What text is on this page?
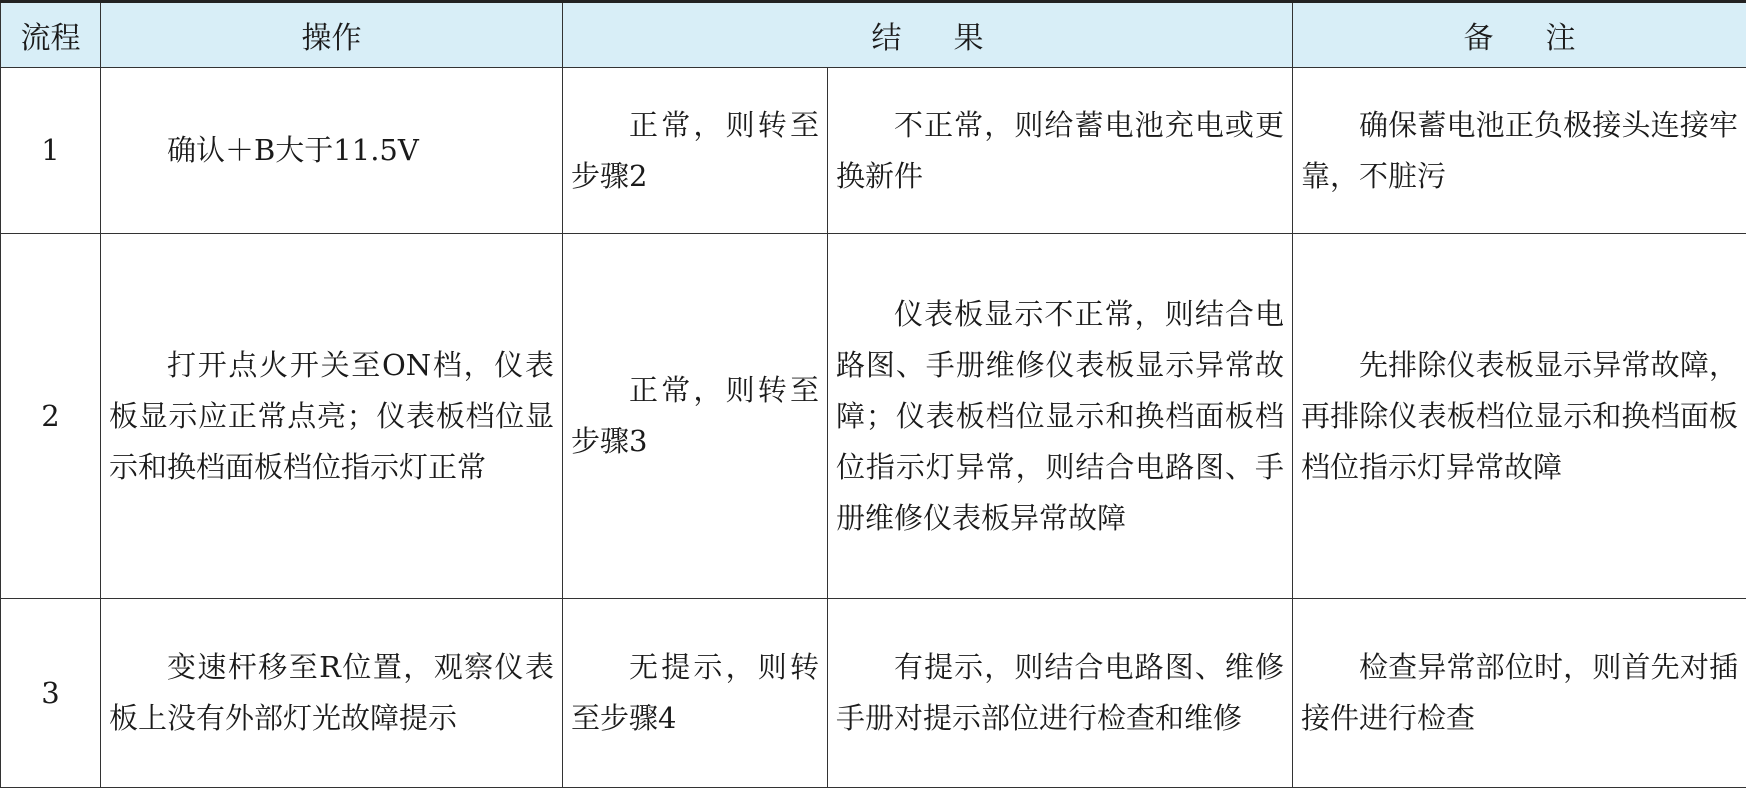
流程	操作	结果		备注
1	确认＋B大于11.5V	正常，则转至步骤2	不正常，则给蓄电池充电或更换新件	确保蓄电池正负极接头连接牢靠，不脏污

2	打开点火开关至ON档，仪表板显示应正常点亮；仪表板档位显示和换档面板档位指示灯正常	正常，则转至步骤3	仪表板显示不正常，则结合电路图、手册维修仪表板显示异常故障；仪表板档位显示和换档面板档位指示灯异常，则结合电路图、手册维修仪表板异常故障	先排除仪表板显示异常故障，再排除仪表板档位显示和换档面板档位指示灯异常故障

3	变速杆移至R位置，观察仪表板上没有外部灯光故障提示	无提示，则转至步骤4	有提示，则结合电路图、维修手册对提示部位进行检查和维修	检查异常部位时，则首先对插接件进行检查
